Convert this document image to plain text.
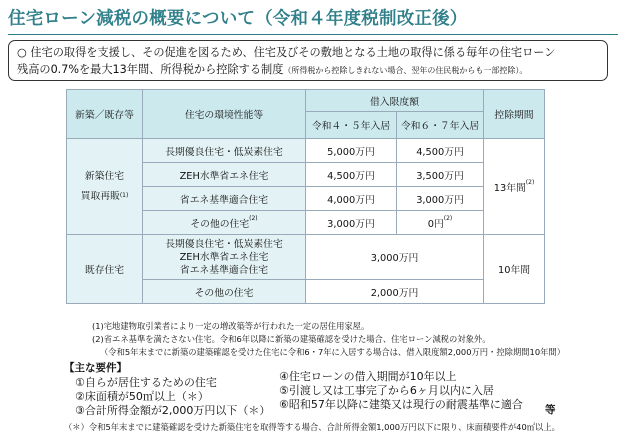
住宅ローン減税の概要について（令和４年度税制改正後）
○ 住宅の取得を支援し、その促進を図るため、住宅及びその敷地となる土地の取得に係る毎年の住宅ローン
残高の0.7%を最大13年間、所得税から控除する制度（所得税から控除しきれない場合、翌年の住民税からも一部控除）。
新築／既存等	住宅の環境性能等	借入限度額		控除期間
		令和４・５年入居	令和６・７年入居	
新築住宅
買取再販$^{(1)}$	長期優良住宅・低炭素住宅	5,000万円	4,500万円	13年間$^{(2)}$
	ZEH水準省エネ住宅	4,500万円	3,500万円	
	省エネ基準適合住宅	4,000万円	3,000万円	
	その他の住宅$^{(2)}$	3,000万円	0円$^{(2)}$
既存住宅	長期優良住宅・低炭素住宅
ZEH水準省エネ住宅
省エネ基準適合住宅	3,000万円		10年間
	その他の住宅	2,000万円		
(1)宅地建物取引業者により一定の増改築等が行われた一定の居住用家屋。
(2)省エネ基準を満たさない住宅。令和6年以降に新築の建築確認を受けた場合、住宅ローン減税の対象外。
（令和5年末までに新築の建築確認を受けた住宅に令和6・7年に入居する場合は、借入限度額2,000万円・控除期間10年間）
【主な要件】
①自らが居住するための住宅
②床面積が50㎡以上（＊）
③合計所得金額が2,000万円以下（＊）
④住宅ローンの借入期間が10年以上
⑤引渡し又は工事完了から6ヶ月以内に入居
⑥昭和57年以降に建築又は現行の耐震基準に適合 等
（＊）令和5年末までに建築確認を受けた新築住宅を取得等する場合、合計所得金額1,000万円以下に限り、床面積要件が40㎡以上。
